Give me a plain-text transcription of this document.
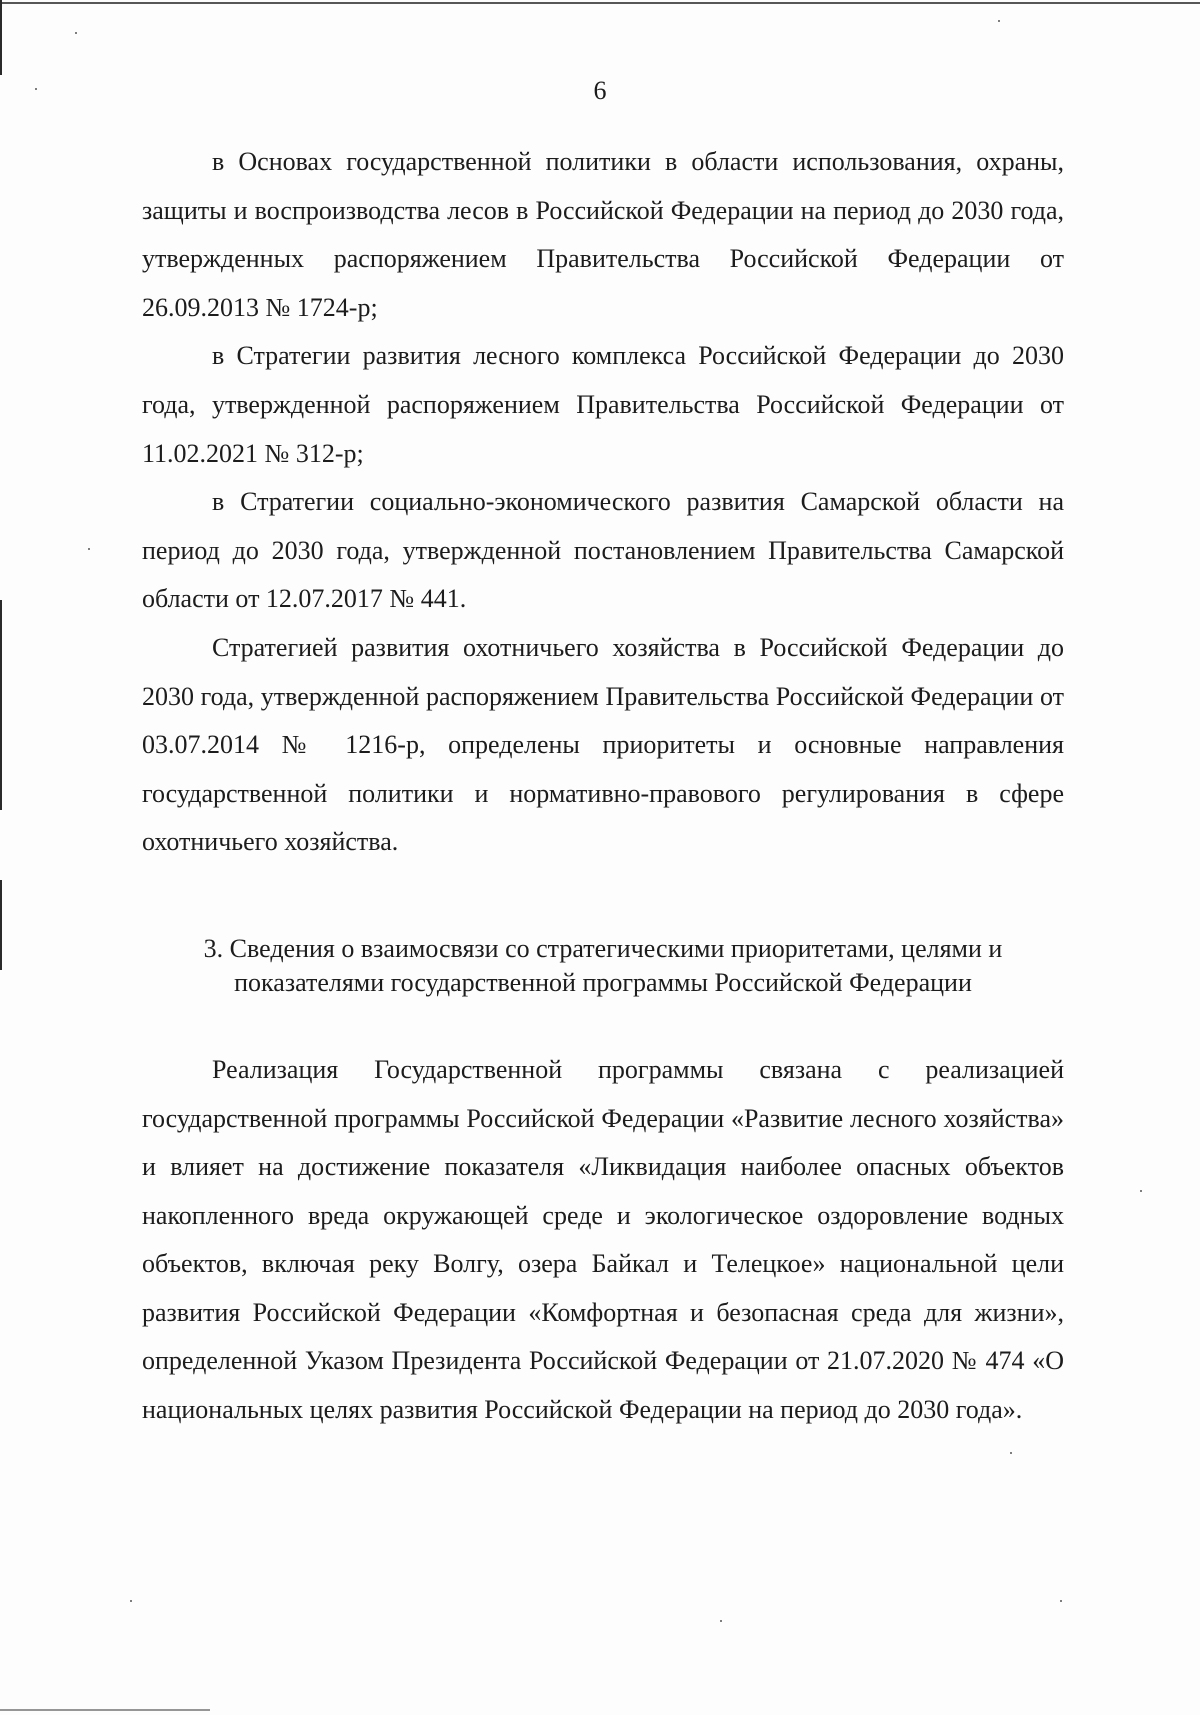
6

в Основах государственной политики в области использования, охраны, защиты и воспроизводства лесов в Российской Федерации на период до 2030 года, утвержденных распоряжением Правительства Российской Федерации от 26.09.2013 № 1724-р;

в Стратегии развития лесного комплекса Российской Федерации до 2030 года, утвержденной распоряжением Правительства Российской Федерации от 11.02.2021 № 312-р;

в Стратегии социально-экономического развития Самарской области на период до 2030 года, утвержденной постановлением Правительства Самарской области от 12.07.2017 № 441.

Стратегией развития охотничьего хозяйства в Российской Федерации до 2030 года, утвержденной распоряжением Правительства Российской Федерации от 03.07.2014 № 1216-р, определены приоритеты и основные направления государственной политики и нормативно-правового регулирования в сфере охотничьего хозяйства.

3. Сведения о взаимосвязи со стратегическими приоритетами, целями и
показателями государственной программы Российской Федерации

Реализация Государственной программы связана с реализацией государственной программы Российской Федерации «Развитие лесного хозяйства» и влияет на достижение показателя «Ликвидация наиболее опасных объектов накопленного вреда окружающей среде и экологическое оздоровление водных объектов, включая реку Волгу, озера Байкал и Телецкое» национальной цели развития Российской Федерации «Комфортная и безопасная среда для жизни», определенной Указом Президента Российской Федерации от 21.07.2020 № 474 «О национальных целях развития Российской Федерации на период до 2030 года».
